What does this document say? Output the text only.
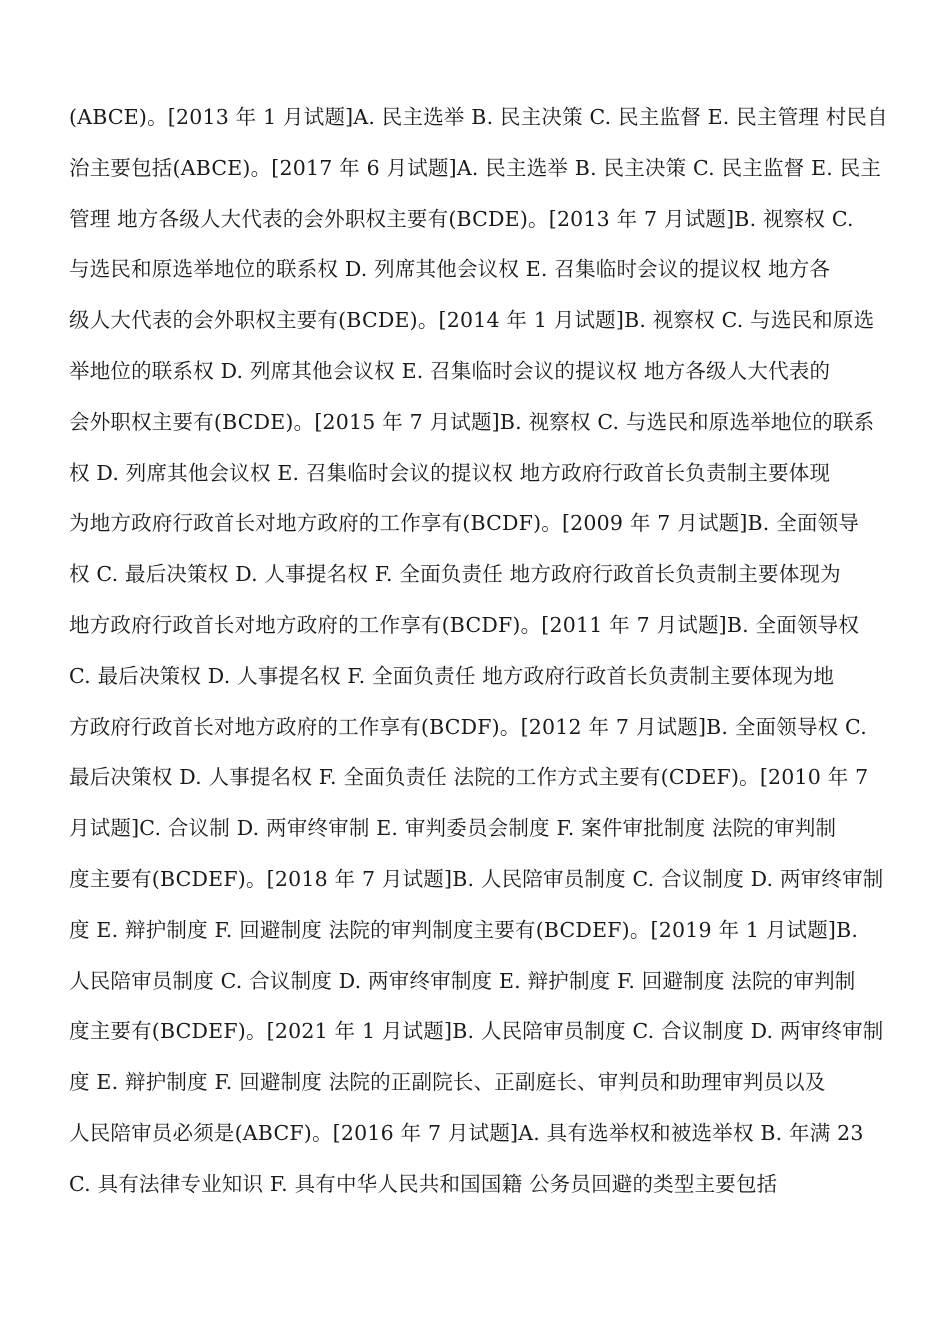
(ABCE)。[2013 年 1 月试题]A. 民主选举 B. 民主决策 C. 民主监督 E. 民主管理 村民自
治主要包括(ABCE)。[2017 年 6 月试题]A. 民主选举 B. 民主决策 C. 民主监督 E. 民主
管理 地方各级人大代表的会外职权主要有(BCDE)。[2013 年 7 月试题]B. 视察权 C.
与选民和原选举地位的联系权 D. 列席其他会议权 E. 召集临时会议的提议权 地方各
级人大代表的会外职权主要有(BCDE)。[2014 年 1 月试题]B. 视察权 C. 与选民和原选
举地位的联系权 D. 列席其他会议权 E. 召集临时会议的提议权 地方各级人大代表的
会外职权主要有(BCDE)。[2015 年 7 月试题]B. 视察权 C. 与选民和原选举地位的联系
权 D. 列席其他会议权 E. 召集临时会议的提议权 地方政府行政首长负责制主要体现
为地方政府行政首长对地方政府的工作享有(BCDF)。[2009 年 7 月试题]B. 全面领导
权 C. 最后决策权 D. 人事提名权 F. 全面负责任 地方政府行政首长负责制主要体现为
地方政府行政首长对地方政府的工作享有(BCDF)。[2011 年 7 月试题]B. 全面领导权
C. 最后决策权 D. 人事提名权 F. 全面负责任 地方政府行政首长负责制主要体现为地
方政府行政首长对地方政府的工作享有(BCDF)。[2012 年 7 月试题]B. 全面领导权 C.
最后决策权 D. 人事提名权 F. 全面负责任 法院的工作方式主要有(CDEF)。[2010 年 7
月试题]C. 合议制 D. 两审终审制 E. 审判委员会制度 F. 案件审批制度 法院的审判制
度主要有(BCDEF)。[2018 年 7 月试题]B. 人民陪审员制度 C. 合议制度 D. 两审终审制
度 E. 辩护制度 F. 回避制度 法院的审判制度主要有(BCDEF)。[2019 年 1 月试题]B.
人民陪审员制度 C. 合议制度 D. 两审终审制度 E. 辩护制度 F. 回避制度 法院的审判制
度主要有(BCDEF)。[2021 年 1 月试题]B. 人民陪审员制度 C. 合议制度 D. 两审终审制
度 E. 辩护制度 F. 回避制度 法院的正副院长、正副庭长、审判员和助理审判员以及
人民陪审员必须是(ABCF)。[2016 年 7 月试题]A. 具有选举权和被选举权 B. 年满 23
C. 具有法律专业知识 F. 具有中华人民共和国国籍 公务员回避的类型主要包括
